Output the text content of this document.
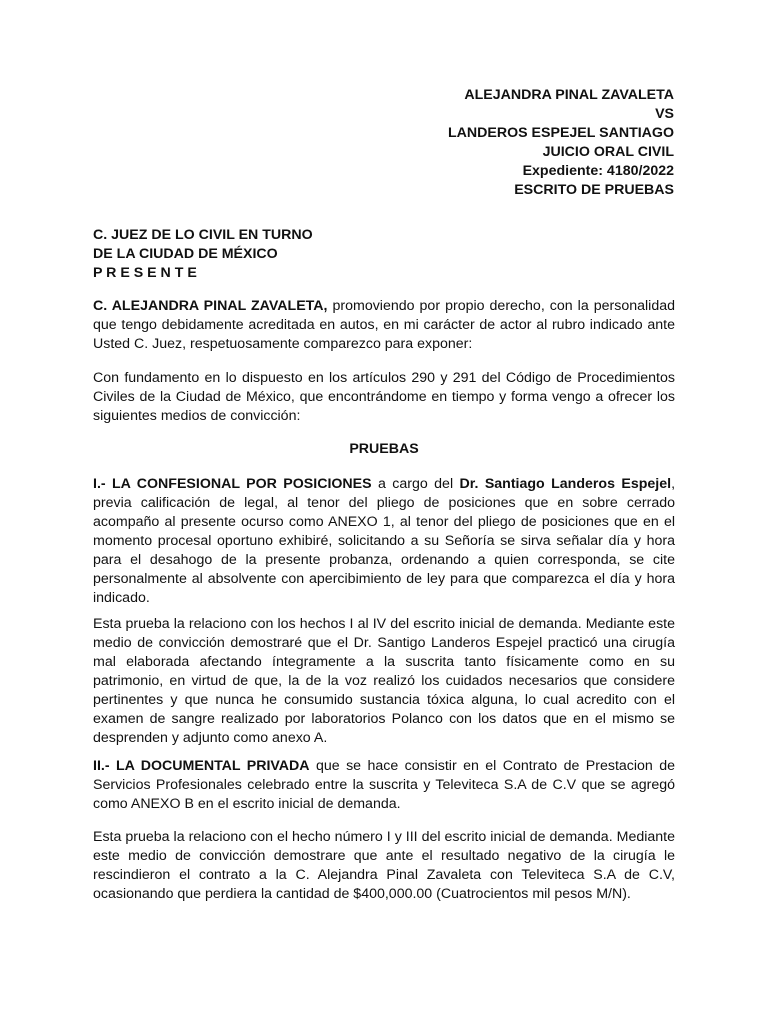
ALEJANDRA PINAL ZAVALETA
VS
LANDEROS ESPEJEL SANTIAGO
JUICIO ORAL CIVIL
Expediente: 4180/2022
ESCRITO DE PRUEBAS
C. JUEZ DE LO CIVIL EN TURNO
DE LA CIUDAD DE MÉXICO
P R E S E N T E

C. ALEJANDRA PINAL ZAVALETA, promoviendo por propio derecho, con la personalidad que tengo debidamente acreditada en autos, en mi carácter de actor al rubro indicado ante Usted C. Juez, respetuosamente comparezco para exponer:

Con fundamento en lo dispuesto en los artículos 290 y 291 del Código de Procedimientos Civiles de la Ciudad de México, que encontrándome en tiempo y forma vengo a ofrecer los siguientes medios de convicción:

PRUEBAS

I.- LA CONFESIONAL POR POSICIONES a cargo del Dr. Santiago Landeros Espejel, previa calificación de legal, al tenor del pliego de posiciones que en sobre cerrado acompaño al presente ocurso como ANEXO 1, al tenor del pliego de posiciones que en el momento procesal oportuno exhibiré, solicitando a su Señoría se sirva señalar día y hora para el desahogo de la presente probanza, ordenando a quien corresponda, se cite personalmente al absolvente con apercibimiento de ley para que comparezca el día y hora indicado.

Esta prueba la relaciono con los hechos I al IV del escrito inicial de demanda. Mediante este medio de convicción demostraré que el Dr. Santigo Landeros Espejel practicó una cirugía mal elaborada afectando íntegramente a la suscrita tanto físicamente como en su patrimonio, en virtud de que, la de la voz realizó los cuidados necesarios que considere pertinentes y que nunca he consumido sustancia tóxica alguna, lo cual acredito con el examen de sangre realizado por laboratorios Polanco con los datos que en el mismo se desprenden y adjunto como anexo A.

II.- LA DOCUMENTAL PRIVADA que se hace consistir en el Contrato de Prestacion de Servicios Profesionales celebrado entre la suscrita y Televiteca S.A de C.V que se agregó como ANEXO B en el escrito inicial de demanda.

Esta prueba la relaciono con el hecho número I y III del escrito inicial de demanda. Mediante este medio de convicción demostrare que ante el resultado negativo de la cirugía le rescindieron el contrato a la C. Alejandra Pinal Zavaleta con Televiteca S.A de C.V, ocasionando que perdiera la cantidad de $400,000.00 (Cuatrocientos mil pesos M/N).
